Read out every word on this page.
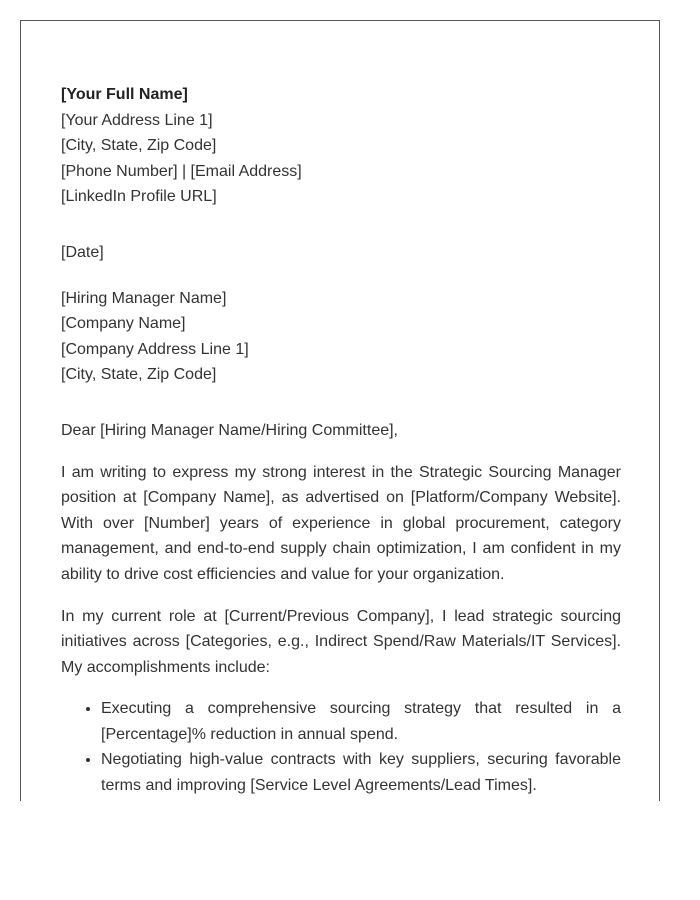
[Your Full Name]
[Your Address Line 1]
[City, State, Zip Code]
[Phone Number] | [Email Address]
[LinkedIn Profile URL]
[Date]
[Hiring Manager Name]
[Company Name]
[Company Address Line 1]
[City, State, Zip Code]
Dear [Hiring Manager Name/Hiring Committee],

I am writing to express my strong interest in the Strategic Sourcing Manager position at [Company Name], as advertised on [Platform/Company Website]. With over [Number] years of experience in global procurement, category management, and end-to-end supply chain optimization, I am confident in my ability to drive cost efficiencies and value for your organization.

In my current role at [Current/Previous Company], I lead strategic sourcing initiatives across [Categories, e.g., Indirect Spend/Raw Materials/IT Services]. My accomplishments include:

• Executing a comprehensive sourcing strategy that resulted in a [Percentage]% reduction in annual spend.
• Negotiating high-value contracts with key suppliers, securing favorable terms and improving [Service Level Agreements/Lead Times].
